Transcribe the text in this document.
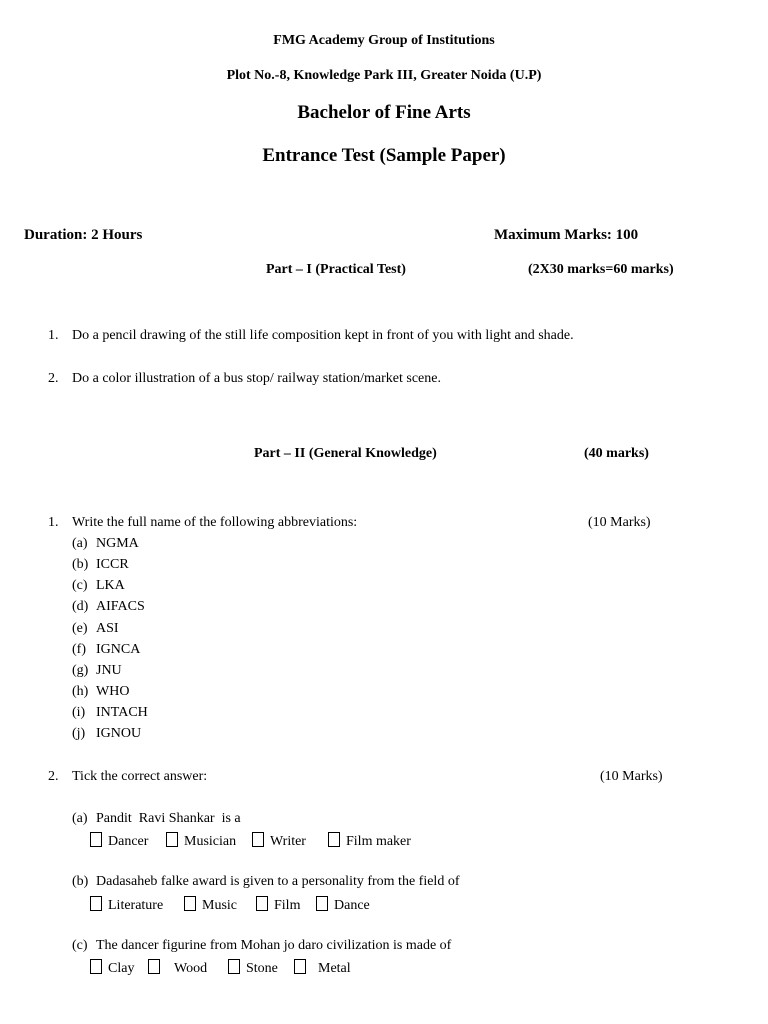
FMG Academy Group of Institutions
Plot No.-8, Knowledge Park III, Greater Noida (U.P)
Bachelor of Fine Arts
Entrance Test (Sample Paper)
Duration: 2 Hours	Maximum Marks: 100
Part – I (Practical Test)	(2X30 marks=60 marks)
1. Do a pencil drawing of the still life composition kept in front of you with light and shade.
2. Do a color illustration of a bus stop/ railway station/market scene.
Part – II (General Knowledge)	(40 marks)
1. Write the full name of the following abbreviations:	(10 Marks)
(a) NGMA
(b) ICCR
(c) LKA
(d) AIFACS
(e) ASI
(f) IGNCA
(g) JNU
(h) WHO
(i) INTACH
(j) IGNOU
2. Tick the correct answer:	(10 Marks)
(a) Pandit  Ravi Shankar  is a
Dancer	Musician	Writer	Film maker
(b) Dadasaheb falke award is given to a personality from the field of
Literature	Music	Film	Dance
(c) The dancer figurine from Mohan jo daro civilization is made of
Clay	Wood	Stone	Metal
